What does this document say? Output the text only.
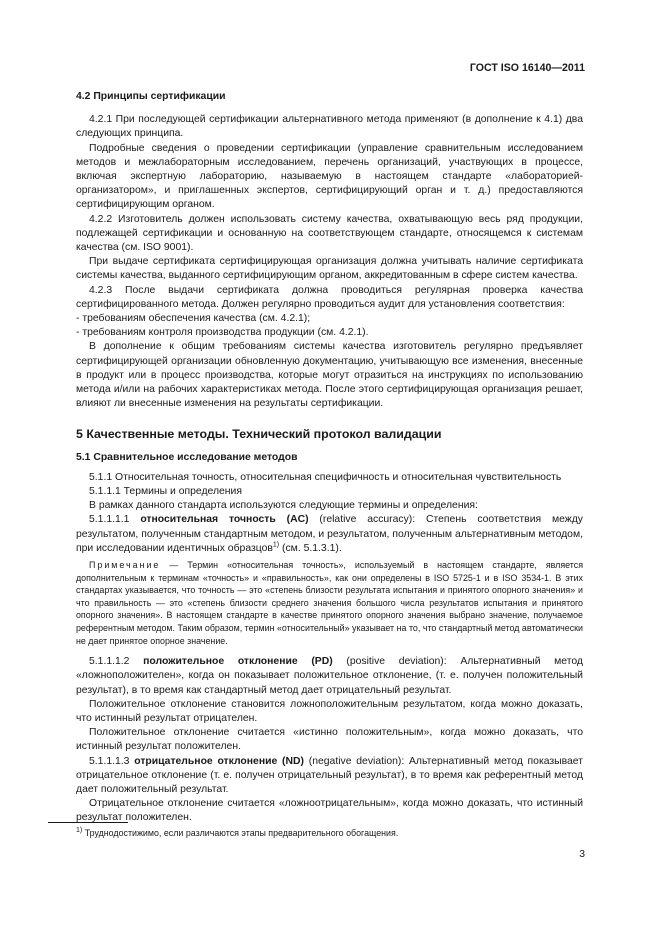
ГОСТ ISO 16140—2011

4.2 Принципы сертификации

4.2.1 При последующей сертификации альтернативного метода применяют (в дополнение к 4.1) два следующих принципа.

Подробные сведения о проведении сертификации (управление сравнительным исследованием методов и межлабораторным исследованием, перечень организаций, участвующих в процессе, включая экспертную лабораторию, называемую в настоящем стандарте «лабораторией-организатором», и приглашенных экспертов, сертифицирующий орган и т. д.) предоставляются сертифицирующим органом.

4.2.2 Изготовитель должен использовать систему качества, охватывающую весь ряд продукции, подлежащей сертификации и основанную на соответствующем стандарте, относящемся к системам качества (см. ISO 9001).

При выдаче сертификата сертифицирующая организация должна учитывать наличие сертификата системы качества, выданного сертифицирующим органом, аккредитованным в сфере систем качества.

4.2.3 После выдачи сертификата должна проводиться регулярная проверка качества сертифицированного метода. Должен регулярно проводиться аудит для установления соответствия:

- требованиям обеспечения качества (см. 4.2.1);

- требованиям контроля производства продукции (см. 4.2.1).

В дополнение к общим требованиям системы качества изготовитель регулярно предъявляет сертифицирующей организации обновленную документацию, учитывающую все изменения, внесенные в продукт или в процесс производства, которые могут отразиться на инструкциях по использованию метода и/или на рабочих характеристиках метода. После этого сертифицирующая организация решает, влияют ли внесенные изменения на результаты сертификации.

5 Качественные методы. Технический протокол валидации

5.1 Сравнительное исследование методов

5.1.1 Относительная точность, относительная специфичность и относительная чувствительность

5.1.1.1 Термины и определения

В рамках данного стандарта используются следующие термины и определения:

5.1.1.1.1 относительная точность (AC) (relative accuracy): Степень соответствия между результатом, полученным стандартным методом, и результатом, полученным альтернативным методом, при исследовании идентичных образцов$^{1)}$ (см. 5.1.3.1).

Примечание — Термин «относительная точность», используемый в настоящем стандарте, является дополнительным к терминам «точность» и «правильность», как они определены в ISO 5725-1 и в ISO 3534-1. В этих стандартах указывается, что точность — это «степень близости результата испытания и принятого опорного значения» и что правильность — это «степень близости среднего значения большого числа результатов испытания и принятого опорного значения». В настоящем стандарте в качестве принятого опорного значения выбрано значение, получаемое референтным методом. Таким образом, термин «относительный» указывает на то, что стандартный метод автоматически не дает принятое опорное значение.

5.1.1.1.2 положительное отклонение (PD) (positive deviation): Альтернативный метод «ложноположителен», когда он показывает положительное отклонение, (т. е. получен положительный результат), в то время как стандартный метод дает отрицательный результат.

Положительное отклонение становится ложноположительным результатом, когда можно доказать, что истинный результат отрицателен.

Положительное отклонение считается «истинно положительным», когда можно доказать, что истинный результат положителен.

5.1.1.1.3 отрицательное отклонение (ND) (negative deviation): Альтернативный метод показывает отрицательное отклонение (т. е. получен отрицательный результат), в то время как референтный метод дает положительный результат.

Отрицательное отклонение считается «ложноотрицательным», когда можно доказать, что истинный результат положителен.

$^{1)}$ Труднодостижимо, если различаются этапы предварительного обогащения.
3
